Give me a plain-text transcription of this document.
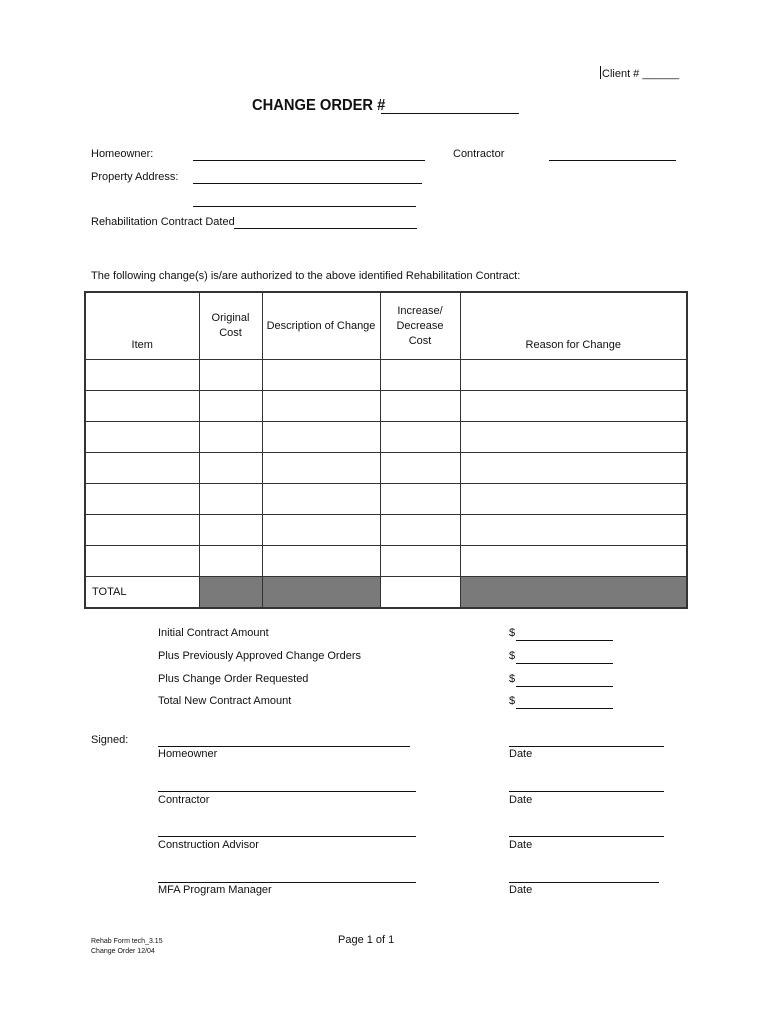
Client # ______
CHANGE ORDER #
Homeowner:	Contractor
Property Address:
Rehabilitation Contract Dated
The following change(s) is/are authorized to the above identified Rehabilitation Contract:
Item	Original Cost	Description of Change	Increase/ Decrease Cost	Reason for Change

TOTAL				
Initial Contract Amount	$
Plus Previously Approved Change Orders	$
Plus Change Order Requested	$
Total New Contract Amount	$
Signed:
Homeowner	Date
Contractor	Date
Construction Advisor	Date
MFA Program Manager	Date
Rehab Form tech_3.15
Change Order 12/04
Page 1 of 1
